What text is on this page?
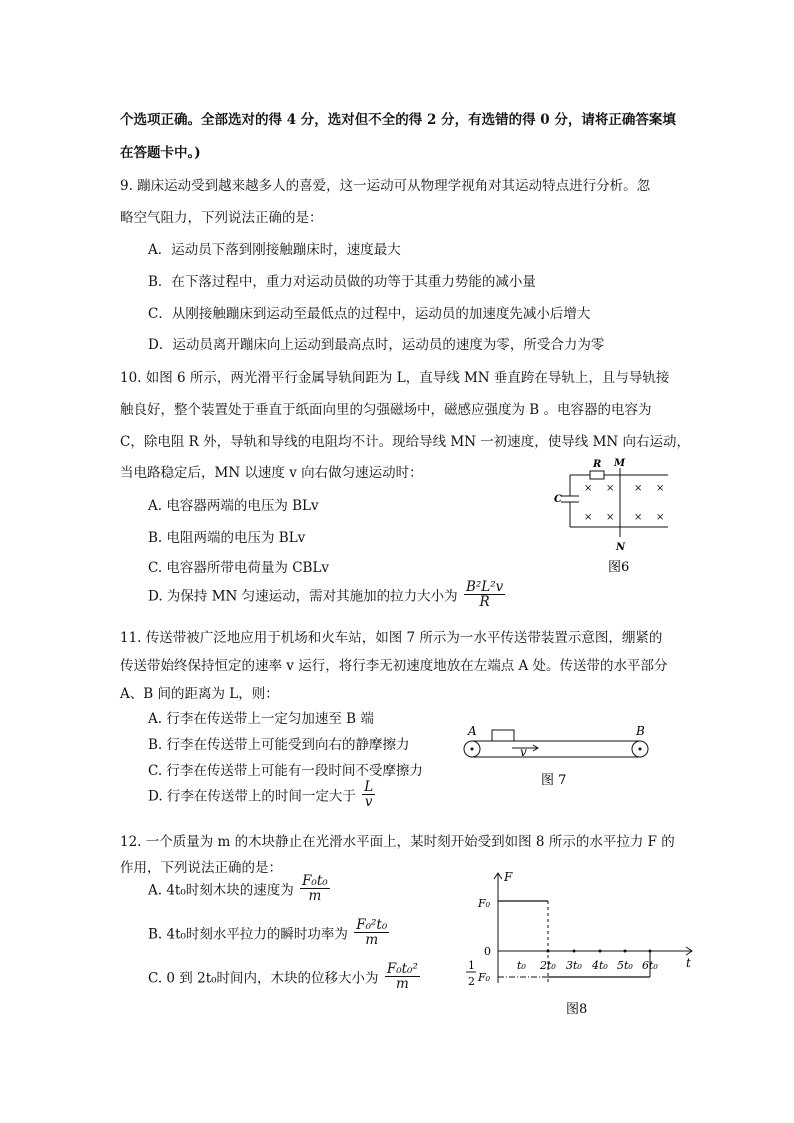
个选项正确。全部选对的得 4 分，选对但不全的得 2 分，有选错的得 0 分，请将正确答案填
在答题卡中。)
9. 蹦床运动受到越来越多人的喜爱，这一运动可从物理学视角对其运动特点进行分析。忽
略空气阻力，下列说法正确的是：
A．运动员下落到刚接触蹦床时，速度最大
B．在下落过程中，重力对运动员做的功等于其重力势能的减小量
C．从刚接触蹦床到运动至最低点的过程中，运动员的加速度先减小后增大
D．运动员离开蹦床向上运动到最高点时，运动员的速度为零，所受合力为零
10. 如图 6 所示，两光滑平行金属导轨间距为 L，直导线 MN 垂直跨在导轨上，且与导轨接
触良好，整个装置处于垂直于纸面向里的匀强磁场中，磁感应强度为 B 。电容器的电容为
C，除电阻 R 外，导轨和导线的电阻均不计。现给导线 MN 一初速度，使导线 MN 向右运动，
当电路稳定后，MN 以速度 v 向右做匀速运动时：
A. 电容器两端的电压为 BLv
B. 电阻两端的电压为 BLv
C. 电容器所带电荷量为 CBLv
D. 为保持 MN 匀速运动，需对其施加的拉力大小为 $\frac{\text{B²L²v}}{R}$
C
R M
N
× × × ×
× × × ×
图6
11. 传送带被广泛地应用于机场和火车站，如图 7 所示为一水平传送带装置示意图，绷紧的
传送带始终保持恒定的速率 v 运行，将行李无初速度地放在左端点 A 处。传送带的水平部分
A、B 间的距离为 L，则：
A. 行李在传送带上一定匀加速至 B 端
B. 行李在传送带上可能受到向右的静摩擦力
C. 行李在传送带上可能有一段时间不受摩擦力
D. 行李在传送带上的时间一定大于 $\frac{L}{v}$
A	B
v
图 7
12. 一个质量为 m 的木块静止在光滑水平面上，某时刻开始受到如图 8 所示的水平拉力 F 的
作用，下列说法正确的是：
A. 4t₀时刻木块的速度为 $\frac{\text{F₀t₀}}{m}$
B. 4t₀时刻水平拉力的瞬时功率为 $\frac{\text{F₀²t₀}}{m}$
C. 0 到 2t₀时间内，木块的位移大小为 $\frac{\text{F₀t₀²}}{m}$
F
F₀
0
1
2 F₀
t
t₀ 2t₀ 3t₀ 4t₀ 5t₀ 6t₀
图8
